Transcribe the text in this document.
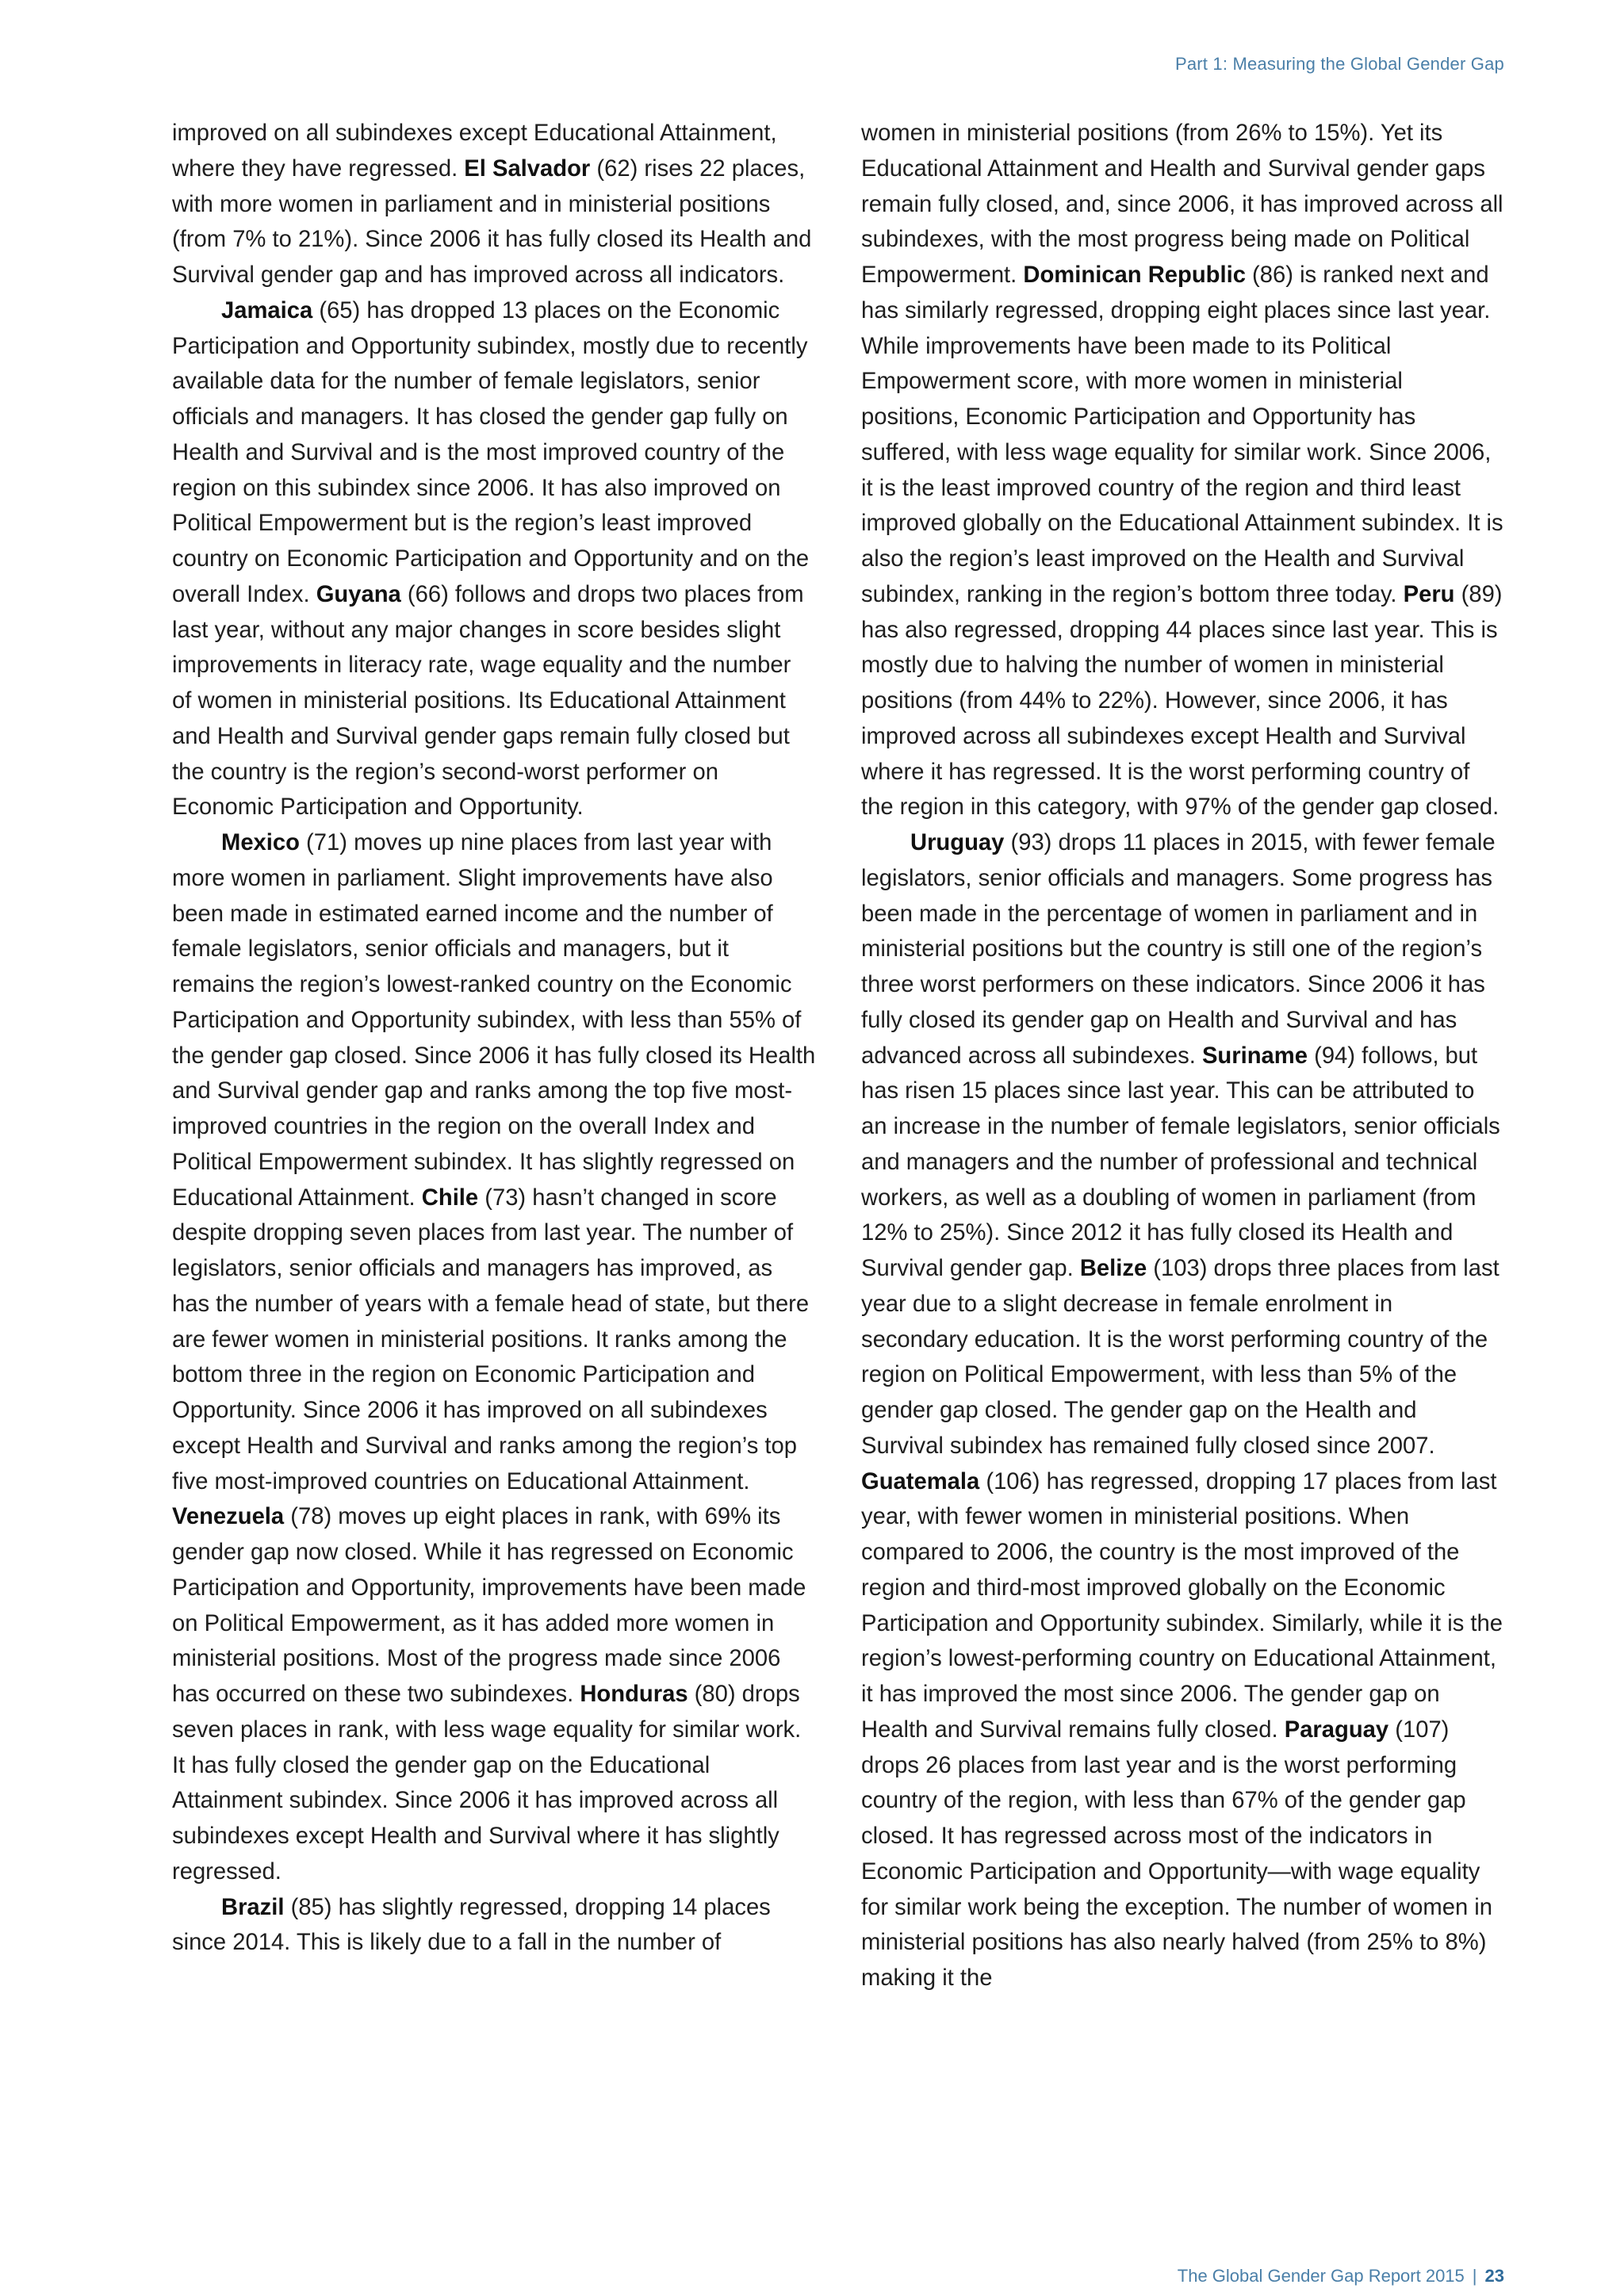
Part 1: Measuring the Global Gender Gap

improved on all subindexes except Educational Attainment, where they have regressed. El Salvador (62) rises 22 places, with more women in parliament and in ministerial positions (from 7% to 21%). Since 2006 it has fully closed its Health and Survival gender gap and has improved across all indicators.

Jamaica (65) has dropped 13 places on the Economic Participation and Opportunity subindex, mostly due to recently available data for the number of female legislators, senior officials and managers. It has closed the gender gap fully on Health and Survival and is the most improved country of the region on this subindex since 2006. It has also improved on Political Empowerment but is the region’s least improved country on Economic Participation and Opportunity and on the overall Index. Guyana (66) follows and drops two places from last year, without any major changes in score besides slight improvements in literacy rate, wage equality and the number of women in ministerial positions. Its Educational Attainment and Health and Survival gender gaps remain fully closed but the country is the region’s second-worst performer on Economic Participation and Opportunity.

Mexico (71) moves up nine places from last year with more women in parliament. Slight improvements have also been made in estimated earned income and the number of female legislators, senior officials and managers, but it remains the region’s lowest-ranked country on the Economic Participation and Opportunity subindex, with less than 55% of the gender gap closed. Since 2006 it has fully closed its Health and Survival gender gap and ranks among the top five most-improved countries in the region on the overall Index and Political Empowerment subindex. It has slightly regressed on Educational Attainment. Chile (73) hasn’t changed in score despite dropping seven places from last year. The number of legislators, senior officials and managers has improved, as has the number of years with a female head of state, but there are fewer women in ministerial positions. It ranks among the bottom three in the region on Economic Participation and Opportunity. Since 2006 it has improved on all subindexes except Health and Survival and ranks among the region’s top five most-improved countries on Educational Attainment. Venezuela (78) moves up eight places in rank, with 69% its gender gap now closed. While it has regressed on Economic Participation and Opportunity, improvements have been made on Political Empowerment, as it has added more women in ministerial positions. Most of the progress made since 2006 has occurred on these two subindexes. Honduras (80) drops seven places in rank, with less wage equality for similar work. It has fully closed the gender gap on the Educational Attainment subindex. Since 2006 it has improved across all subindexes except Health and Survival where it has slightly regressed.

Brazil (85) has slightly regressed, dropping 14 places since 2014. This is likely due to a fall in the number of

women in ministerial positions (from 26% to 15%). Yet its Educational Attainment and Health and Survival gender gaps remain fully closed, and, since 2006, it has improved across all subindexes, with the most progress being made on Political Empowerment. Dominican Republic (86) is ranked next and has similarly regressed, dropping eight places since last year. While improvements have been made to its Political Empowerment score, with more women in ministerial positions, Economic Participation and Opportunity has suffered, with less wage equality for similar work. Since 2006, it is the least improved country of the region and third least improved globally on the Educational Attainment subindex. It is also the region’s least improved on the Health and Survival subindex, ranking in the region’s bottom three today. Peru (89) has also regressed, dropping 44 places since last year. This is mostly due to halving the number of women in ministerial positions (from 44% to 22%). However, since 2006, it has improved across all subindexes except Health and Survival where it has regressed. It is the worst performing country of the region in this category, with 97% of the gender gap closed.

Uruguay (93) drops 11 places in 2015, with fewer female legislators, senior officials and managers. Some progress has been made in the percentage of women in parliament and in ministerial positions but the country is still one of the region’s three worst performers on these indicators. Since 2006 it has fully closed its gender gap on Health and Survival and has advanced across all subindexes. Suriname (94) follows, but has risen 15 places since last year. This can be attributed to an increase in the number of female legislators, senior officials and managers and the number of professional and technical workers, as well as a doubling of women in parliament (from 12% to 25%). Since 2012 it has fully closed its Health and Survival gender gap. Belize (103) drops three places from last year due to a slight decrease in female enrolment in secondary education. It is the worst performing country of the region on Political Empowerment, with less than 5% of the gender gap closed. The gender gap on the Health and Survival subindex has remained fully closed since 2007. Guatemala (106) has regressed, dropping 17 places from last year, with fewer women in ministerial positions. When compared to 2006, the country is the most improved of the region and third-most improved globally on the Economic Participation and Opportunity subindex. Similarly, while it is the region’s lowest-performing country on Educational Attainment, it has improved the most since 2006. The gender gap on Health and Survival remains fully closed. Paraguay (107) drops 26 places from last year and is the worst performing country of the region, with less than 67% of the gender gap closed. It has regressed across most of the indicators in Economic Participation and Opportunity—with wage equality for similar work being the exception. The number of women in ministerial positions has also nearly halved (from 25% to 8%) making it the

The Global Gender Gap Report 2015 | 23
